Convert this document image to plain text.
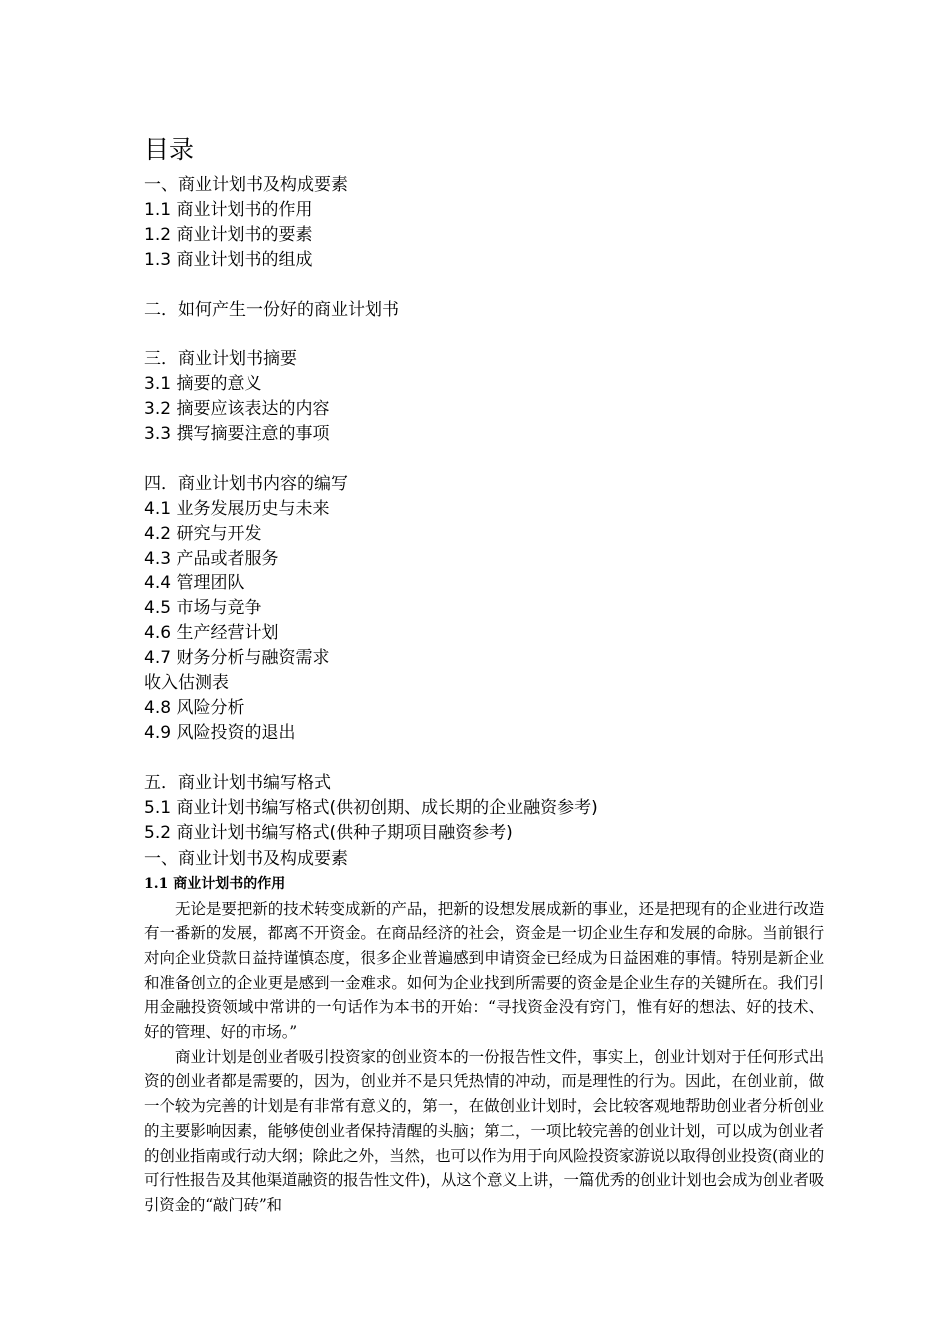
目录
一、商业计划书及构成要素
1.1 商业计划书的作用
1.2 商业计划书的要素
1.3 商业计划书的组成
二．如何产生一份好的商业计划书
三．商业计划书摘要
3.1 摘要的意义
3.2 摘要应该表达的内容
3.3 撰写摘要注意的事项
四．商业计划书内容的编写
4.1 业务发展历史与未来
4.2 研究与开发
4.3 产品或者服务
4.4 管理团队
4.5 市场与竞争
4.6 生产经营计划
4.7 财务分析与融资需求
收入估测表
4.8 风险分析
4.9 风险投资的退出
五．商业计划书编写格式
5.1 商业计划书编写格式(供初创期、成长期的企业融资参考)
5.2 商业计划书编写格式(供种子期项目融资参考)
一、商业计划书及构成要素
1.1 商业计划书的作用

无论是要把新的技术转变成新的产品，把新的设想发展成新的事业，还是把现有的企业进行改造有一番新的发展，都离不开资金。在商品经济的社会，资金是一切企业生存和发展的命脉。当前银行对向企业贷款日益持谨慎态度，很多企业普遍感到申请资金已经成为日益困难的事情。特别是新企业和准备创立的企业更是感到一金难求。如何为企业找到所需要的资金是企业生存的关键所在。我们引用金融投资领域中常讲的一句话作为本书的开始：“寻找资金没有窍门，惟有好的想法、好的技术、好的管理、好的市场。”

商业计划是创业者吸引投资家的创业资本的一份报告性文件，事实上，创业计划对于任何形式出资的创业者都是需要的，因为，创业并不是只凭热情的冲动，而是理性的行为。因此，在创业前，做一个较为完善的计划是有非常有意义的，第一，在做创业计划时，会比较客观地帮助创业者分析创业的主要影响因素，能够使创业者保持清醒的头脑；第二，一项比较完善的创业计划，可以成为创业者的创业指南或行动大纲；除此之外，当然，也可以作为用于向风险投资家游说以取得创业投资(商业的可行性报告及其他渠道融资的报告性文件)，从这个意义上讲，一篇优秀的创业计划也会成为创业者吸引资金的“敲门砖”和
